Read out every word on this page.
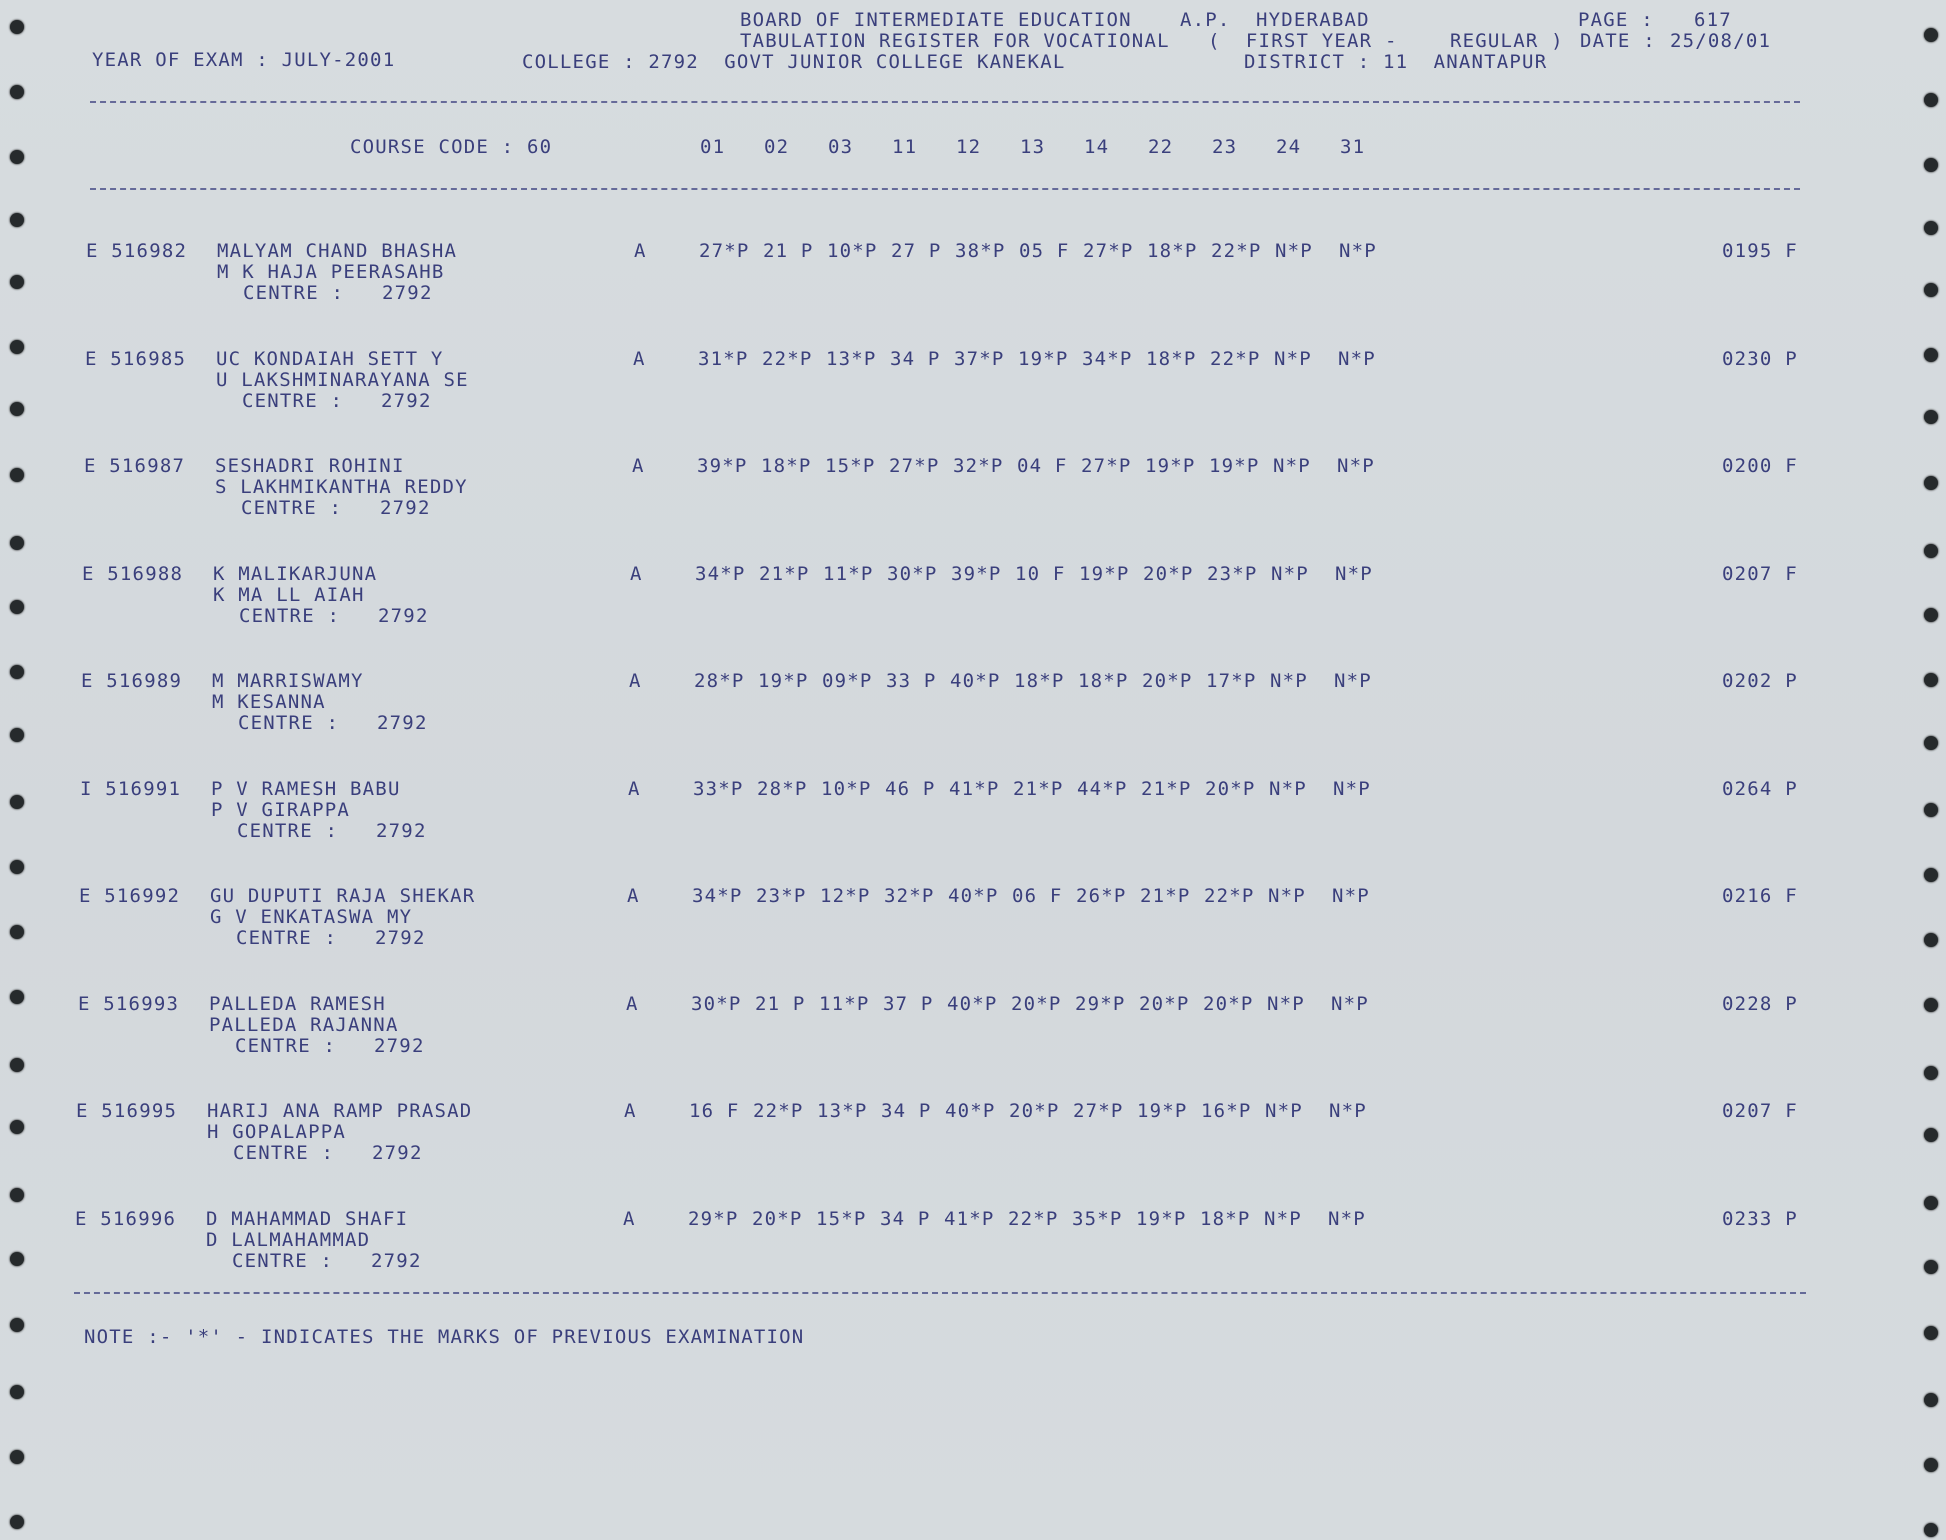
BOARD OF INTERMEDIATE EDUCATION	A.P. HYDERABAD	PAGE : 617
TABULATION REGISTER FOR VOCATIONAL (  FIRST YEAR -	REGULAR ) DATE : 25/08/01
YEAR OF EXAM : JULY-2001	COLLEGE : 2792  GOVT JUNIOR COLLEGE KANEKAL	DISTRICT : 11  ANANTAPUR
COURSE CODE : 60	01 02 03 11 12 13 14 22 23 24 31
E 516982 MALYAM CHAND BHASHA
M K HAJA PEERASAHB
CENTRE :   2792
A	27*P 21 P 10*P 27 P 38*P 05 F 27*P 18*P 22*P N*P N*P	0195 F
E 516985 UC KONDAIAH SETT Y
U LAKSHMINARAYANA SE
CENTRE :   2792
A	31*P 22*P 13*P 34 P 37*P 19*P 34*P 18*P 22*P N*P N*P	0230 P
E 516987 SESHADRI ROHINI
S LAKHMIKANTHA REDDY
CENTRE :   2792
A	39*P 18*P 15*P 27*P 32*P 04 F 27*P 19*P 19*P N*P N*P	0200 F
E 516988 K MALIKARJUNA
K MA LL AIAH
CENTRE :   2792
A	34*P 21*P 11*P 30*P 39*P 10 F 19*P 20*P 23*P N*P N*P	0207 F
E 516989 M MARRISWAMY
M KESANNA
CENTRE :   2792
A	28*P 19*P 09*P 33 P 40*P 18*P 18*P 20*P 17*P N*P N*P	0202 P
I 516991 P V RAMESH BABU
P V GIRAPPA
CENTRE :   2792
A	33*P 28*P 10*P 46 P 41*P 21*P 44*P 21*P 20*P N*P N*P	0264 P
E 516992 GU DUPUTI RAJA SHEKAR
G V ENKATASWA MY
CENTRE :   2792
A	34*P 23*P 12*P 32*P 40*P 06 F 26*P 21*P 22*P N*P N*P	0216 F
E 516993 PALLEDA RAMESH
PALLEDA RAJANNA
CENTRE :   2792
A	30*P 21 P 11*P 37 P 40*P 20*P 29*P 20*P 20*P N*P N*P	0228 P
E 516995 HARIJ ANA RAMP PRASAD
H GOPALAPPA
CENTRE :   2792
A	16 F 22*P 13*P 34 P 40*P 20*P 27*P 19*P 16*P N*P N*P	0207 F
E 516996 D MAHAMMAD SHAFI
D LALMAHAMMAD
CENTRE :   2792
A	29*P 20*P 15*P 34 P 41*P 22*P 35*P 19*P 18*P N*P N*P	0233 P
NOTE :- '*' - INDICATES THE MARKS OF PREVIOUS EXAMINATION
